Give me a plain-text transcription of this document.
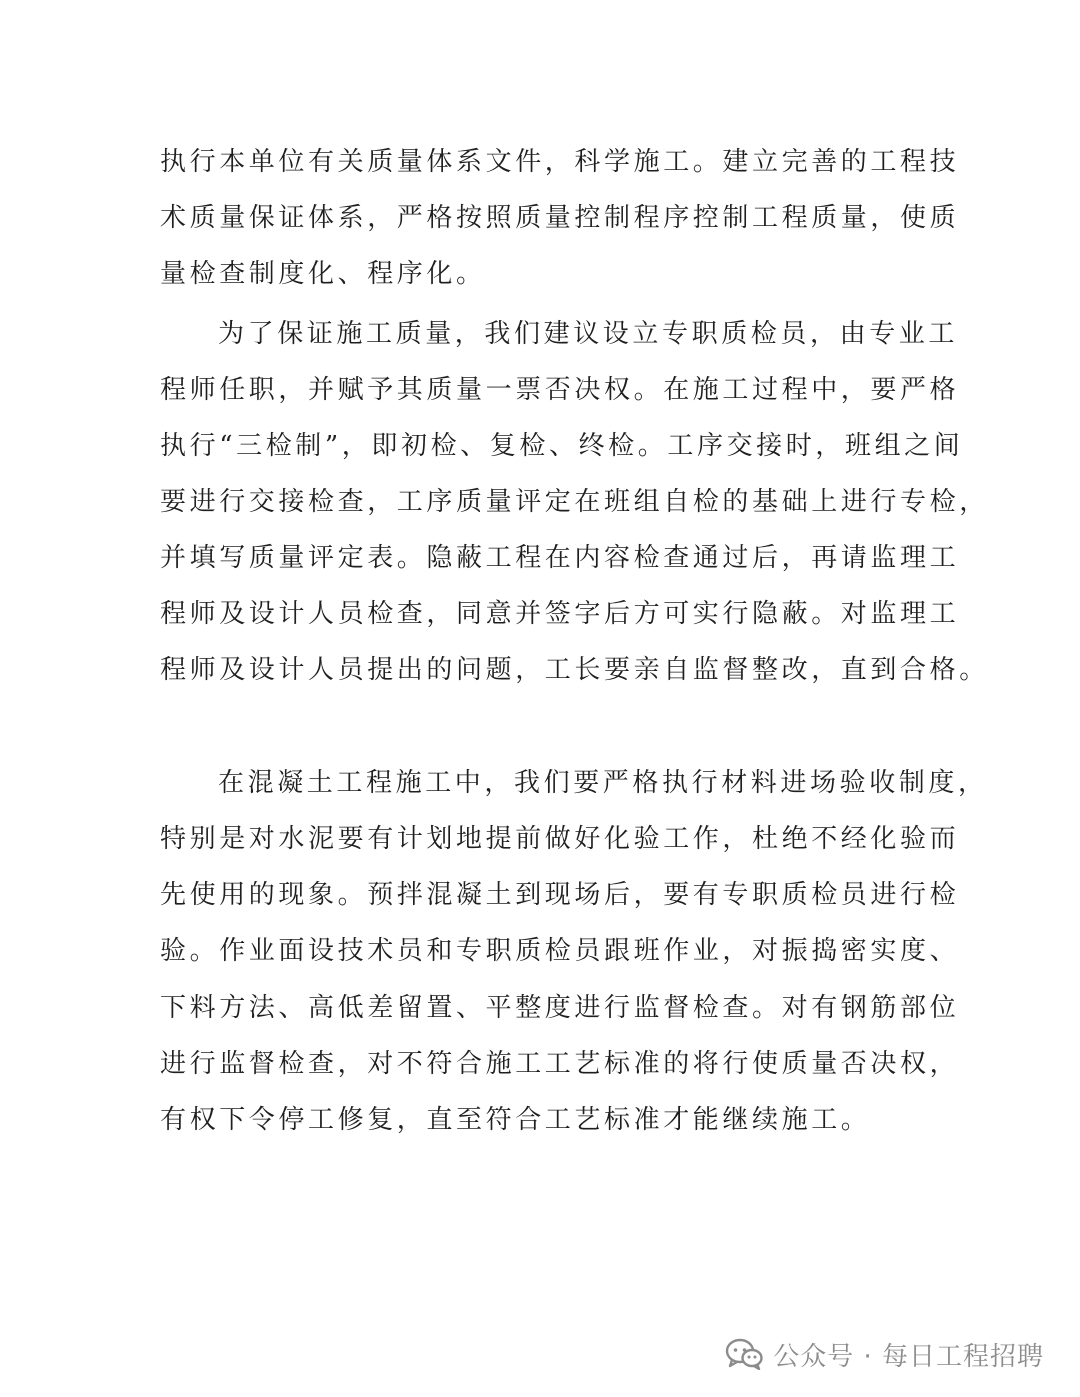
执行本单位有关质量体系文件，科学施工。建立完善的工程技
术质量保证体系，严格按照质量控制程序控制工程质量，使质
量检查制度化、程序化。
为了保证施工质量，我们建议设立专职质检员，由专业工
程师任职，并赋予其质量一票否决权。在施工过程中，要严格
执行“三检制”，即初检、复检、终检。工序交接时，班组之间
要进行交接检查，工序质量评定在班组自检的基础上进行专检，
并填写质量评定表。隐蔽工程在内容检查通过后，再请监理工
程师及设计人员检查，同意并签字后方可实行隐蔽。对监理工
程师及设计人员提出的问题，工长要亲自监督整改，直到合格。
在混凝土工程施工中，我们要严格执行材料进场验收制度，
特别是对水泥要有计划地提前做好化验工作，杜绝不经化验而
先使用的现象。预拌混凝土到现场后，要有专职质检员进行检
验。作业面设技术员和专职质检员跟班作业，对振捣密实度、
下料方法、高低差留置、平整度进行监督检查。对有钢筋部位
进行监督检查，对不符合施工工艺标准的将行使质量否决权，
有权下令停工修复，直至符合工艺标准才能继续施工。
公众号 · 每日工程招聘
